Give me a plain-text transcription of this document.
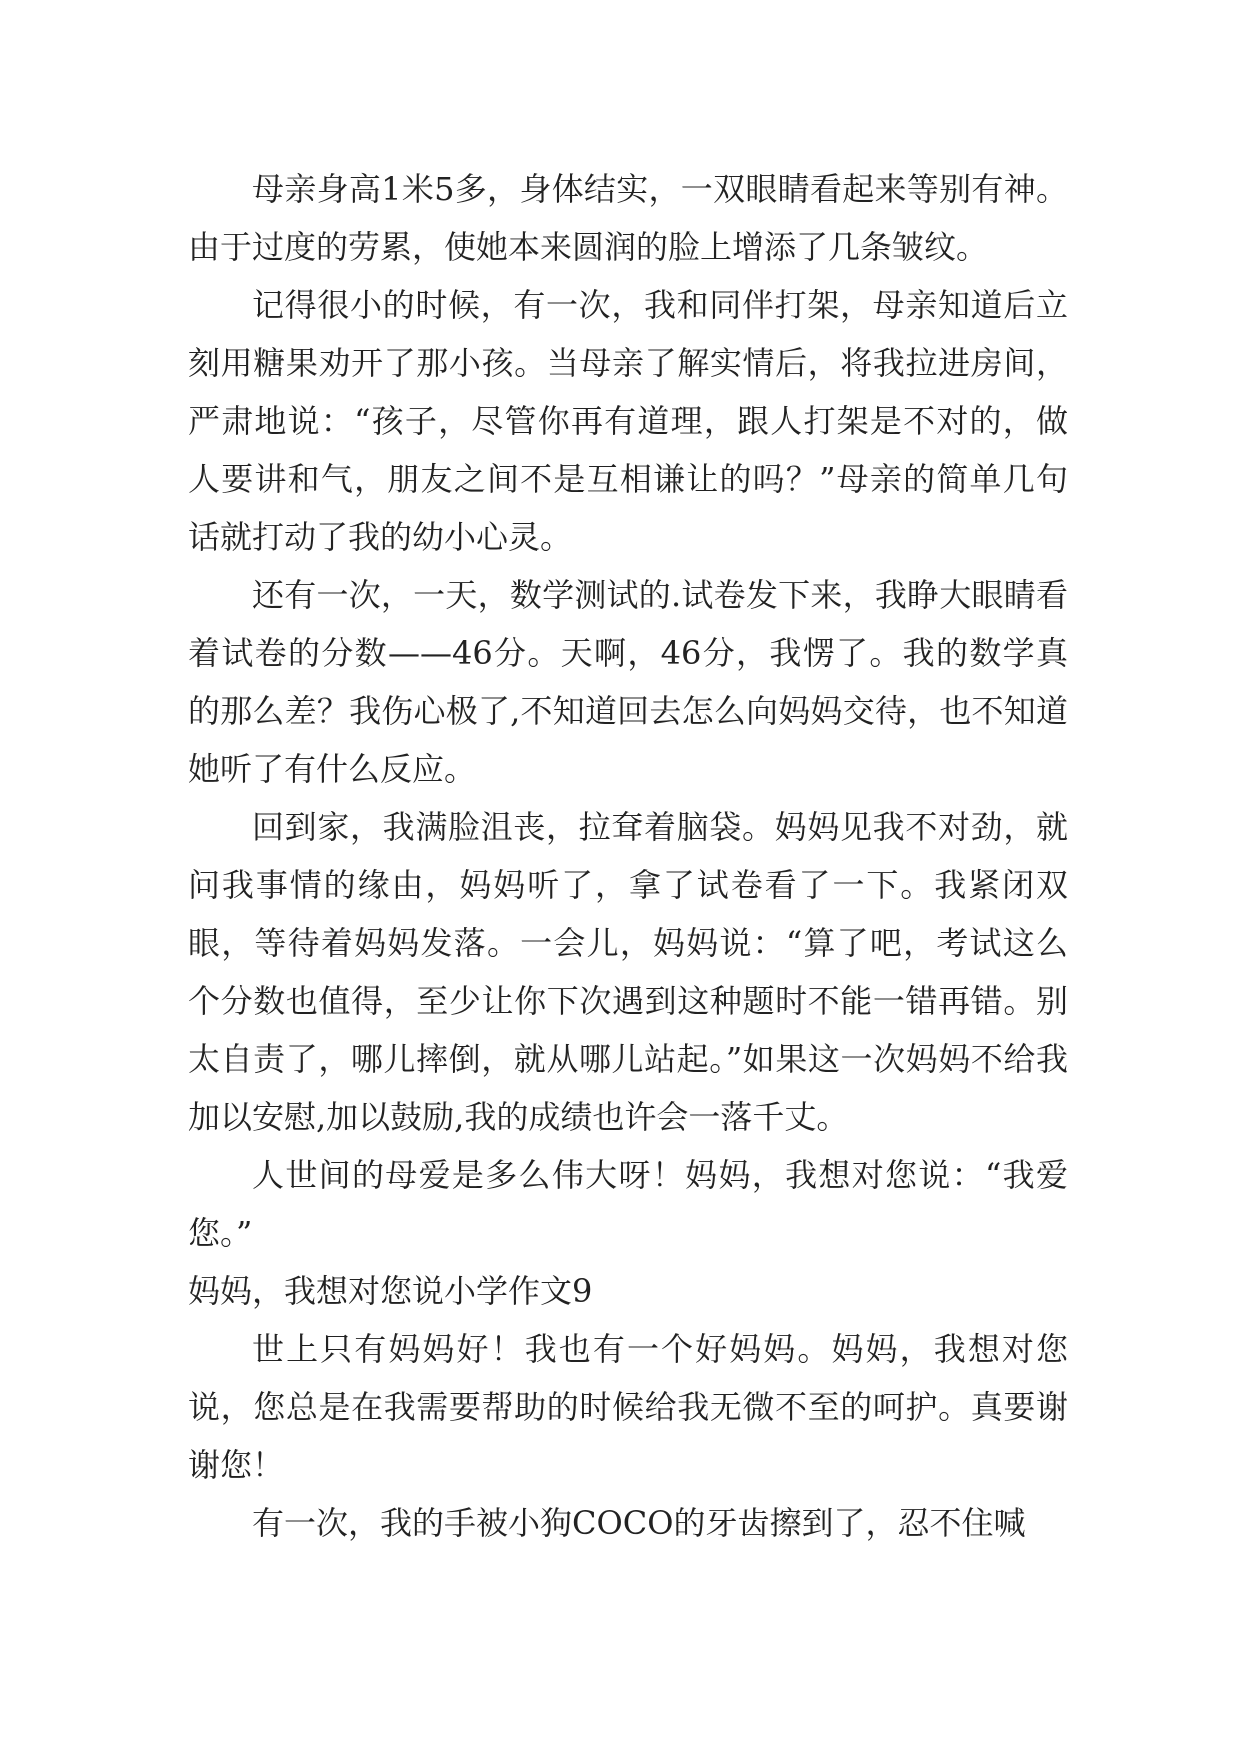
母亲身高1米5多，身体结实，一双眼睛看起来等别有神。由于过度的劳累，使她本来圆润的脸上增添了几条皱纹。

记得很小的时候，有一次，我和同伴打架，母亲知道后立刻用糖果劝开了那小孩。当母亲了解实情后，将我拉进房间，严肃地说：“孩子，尽管你再有道理，跟人打架是不对的，做人要讲和气，朋友之间不是互相谦让的吗？”母亲的简单几句话就打动了我的幼小心灵。

还有一次，一天，数学测试的.试卷发下来，我睁大眼睛看着试卷的分数——46分。天啊，46分，我愣了。我的数学真的那么差？我伤心极了,不知道回去怎么向妈妈交待，也不知道她听了有什么反应。

回到家，我满脸沮丧，拉耷着脑袋。妈妈见我不对劲，就问我事情的缘由，妈妈听了，拿了试卷看了一下。我紧闭双眼，等待着妈妈发落。一会儿，妈妈说：“算了吧，考试这么个分数也值得，至少让你下次遇到这种题时不能一错再错。别太自责了，哪儿摔倒，就从哪儿站起。”如果这一次妈妈不给我加以安慰,加以鼓励,我的成绩也许会一落千丈。

人世间的母爱是多么伟大呀！妈妈，我想对您说：“我爱您。”

妈妈，我想对您说小学作文9

世上只有妈妈好！我也有一个好妈妈。妈妈，我想对您说，您总是在我需要帮助的时候给我无微不至的呵护。真要谢谢您！

有一次，我的手被小狗COCO的牙齿擦到了，忍不住喊
